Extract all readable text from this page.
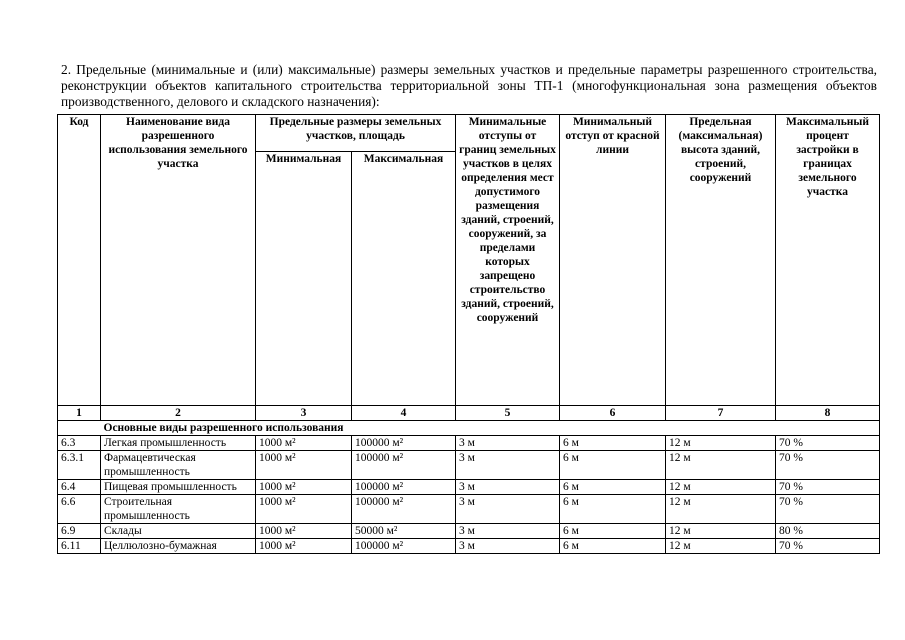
2. Предельные (минимальные и (или) максимальные) размеры земельных участков и предельные параметры разрешенного строительства, реконструкции объектов капитального строительства территориальной зоны ТП-1 (многофункциональная зона размещения объектов производственного, делового и складского назначения):

Код	Наименование вида разрешенного использования земельного участка	Предельные размеры земельных участков, площадь		Минимальные отступы от границ земельных участков в целях определения мест допустимого размещения зданий, строений, сооружений, за пределами которых запрещено строительство зданий, строений, сооружений	Минимальный отступ от красной линии	Предельная (максимальная) высота зданий, строений, сооружений	Максимальный процент застройки в границах земельного участка
		Минимальная	Максимальная				
1	2	3	4	5	6	7	8
	Основные виды разрешенного использования						
6.3	Легкая промышленность	1000 м²	100000 м²	3 м	6 м	12 м	70 %
6.3.1	Фармацевтическая промышленность	1000 м²	100000 м²	3 м	6 м	12 м	70 %
6.4	Пищевая промышленность	1000 м²	100000 м²	3 м	6 м	12 м	70 %
6.6	Строительная промышленность	1000 м²	100000 м²	3 м	6 м	12 м	70 %
6.9	Склады	1000 м²	50000 м²	3 м	6 м	12 м	80 %
6.11	Целлюлозно-бумажная	1000 м²	100000 м²	3 м	6 м	12 м	70 %
